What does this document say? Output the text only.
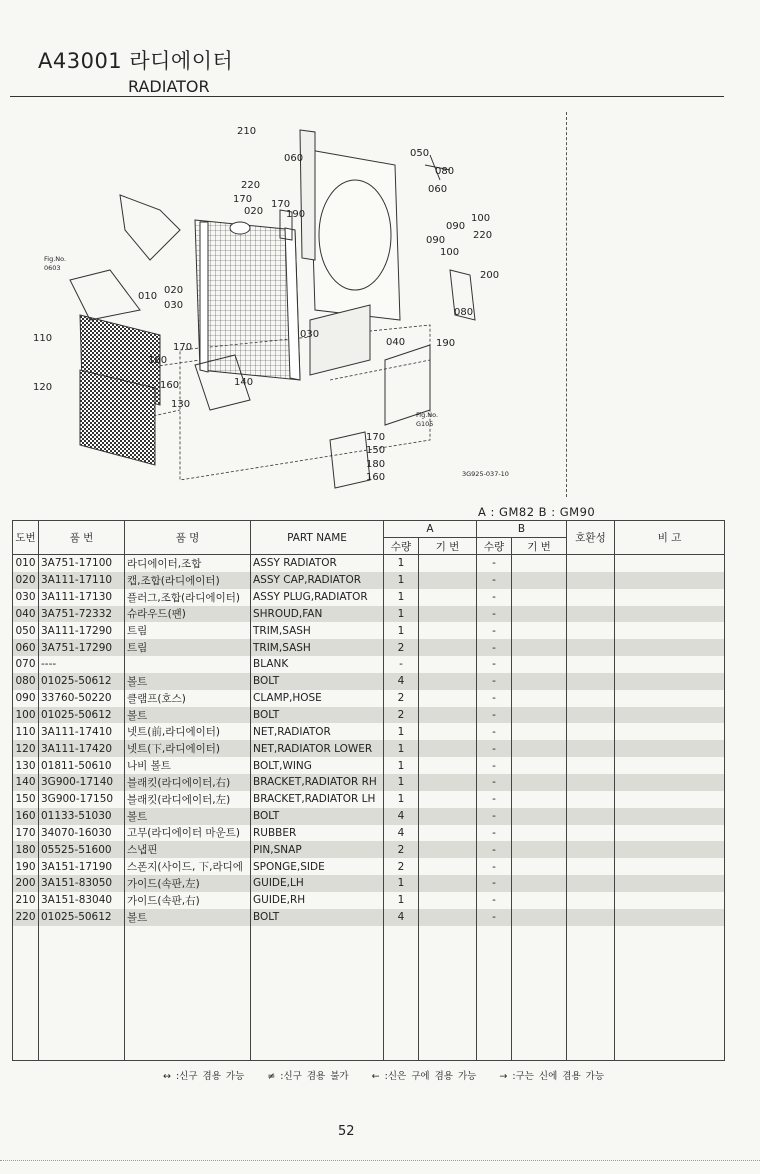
A43001 라디에이터
RADIATOR
210
060	050
080
220	060
170
020
170
190	100
090
220
100
090
200
020
010
030
080
030
040	190
110
170
180
120	160	140
130
170
150
180
160
Fig.No.
0603
Fig.No.
G105
3G925-037-10
A : GM82 B : GM90
도번	품 번	품 명	PART NAME	A		B		호환성	비 고
				수량	기 번	수량	기 번		
010	3A751-17100	라디에이터,조합	ASSY RADIATOR	1		-			
020	3A111-17110	캡,조합(라디에이터)	ASSY CAP,RADIATOR	1		-			
030	3A111-17130	플러그,조합(라디에이터)	ASSY PLUG,RADIATOR	1		-			
040	3A751-72332	슈라우드(팬)	SHROUD,FAN	1		-			
050	3A111-17290	트림	TRIM,SASH	1		-			
060	3A751-17290	트림	TRIM,SASH	2		-			
070	----		BLANK	-		-			
080	01025-50612	볼트	BOLT	4		-			
090	33760-50220	클램프(호스)	CLAMP,HOSE	2		-			
100	01025-50612	볼트	BOLT	2		-			
110	3A111-17410	넷트(前,라디에이터)	NET,RADIATOR	1		-			
120	3A111-17420	넷트(下,라디에이터)	NET,RADIATOR LOWER	1		-			
130	01811-50610	나비 볼트	BOLT,WING	1		-			
140	3G900-17140	블래킷(라디에이터,右)	BRACKET,RADIATOR RH	1		-			
150	3G900-17150	블래킷(라디에이터,左)	BRACKET,RADIATOR LH	1		-			
160	01133-51030	볼트	BOLT	4		-			
170	34070-16030	고무(라디에이터 마운트)	RUBBER	4		-			
180	05525-51600	스냅핀	PIN,SNAP	2		-			
190	3A151-17190	스폰지(사이드, 下,라디에	SPONGE,SIDE	2		-			
200	3A151-83050	가이드(속판,左)	GUIDE,LH	1		-			
210	3A151-83040	가이드(속판,右)	GUIDE,RH	1		-			
220	01025-50612	볼트	BOLT	4		-			

↔ :신구 겸용 가능 ≠ :신구 겸용 불가 ← :신은 구에 겸용 가능 → :구는 신에 겸용 가능
52
